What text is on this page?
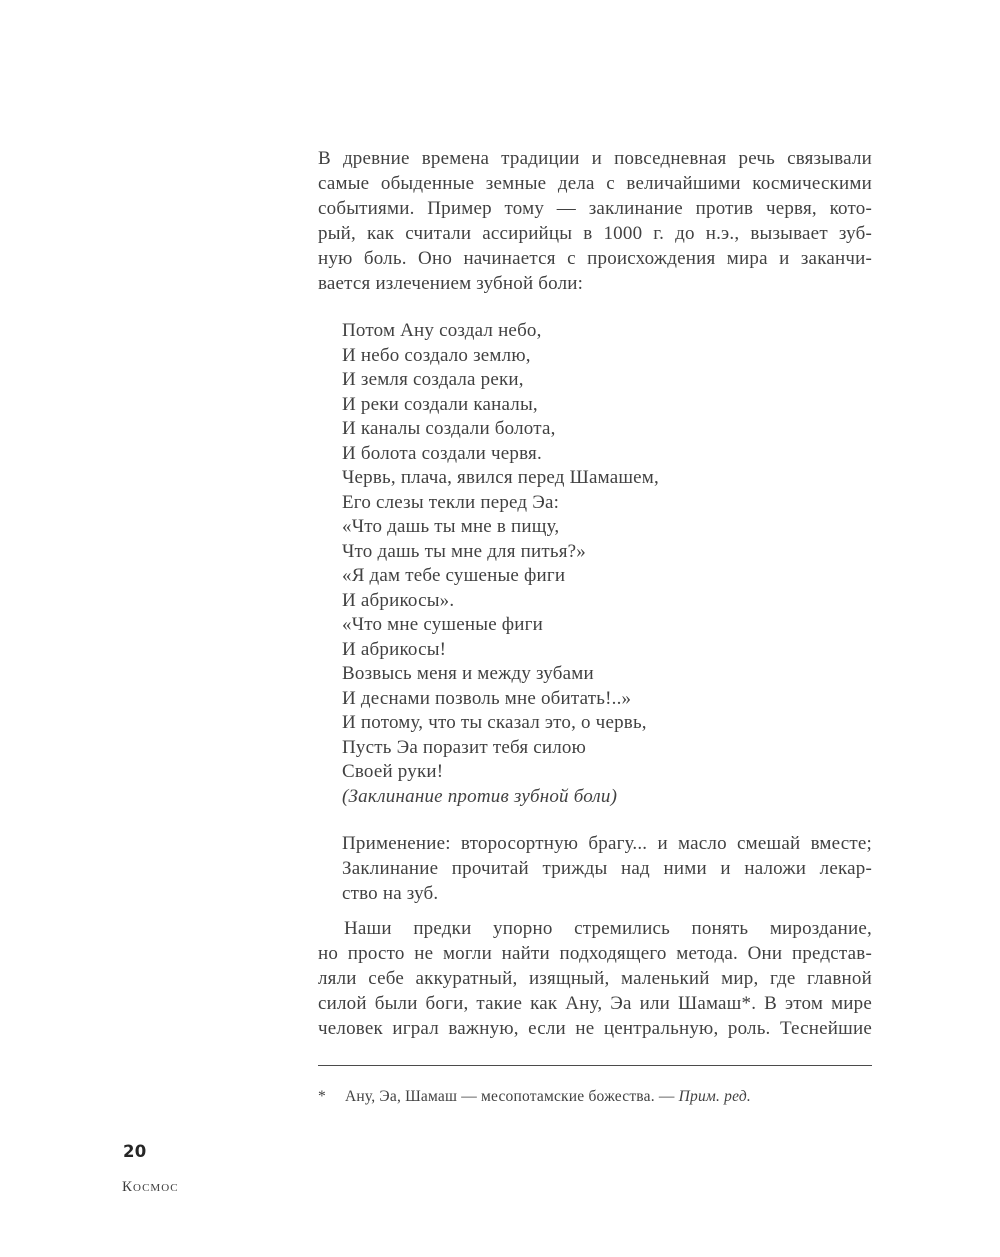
В древние времена традиции и повседневная речь связывали
самые обыденные земные дела с величайшими космическими
событиями. Пример тому — заклинание против червя, кото-
рый, как считали ассирийцы в 1000 г. до н.э., вызывает зуб-
ную боль. Оно начинается с происхождения мира и заканчи-
вается излечением зубной боли:
Потом Ану создал небо,
И небо создало землю,
И земля создала реки,
И реки создали каналы,
И каналы создали болота,
И болота создали червя.
Червь, плача, явился перед Шамашем,
Его слезы текли перед Эа:
«Что дашь ты мне в пищу,
Что дашь ты мне для питья?»
«Я дам тебе сушеные фиги
И абрикосы».
«Что мне сушеные фиги
И абрикосы!
Возвысь меня и между зубами
И деснами позволь мне обитать!..»
И потому, что ты сказал это, о червь,
Пусть Эа поразит тебя силою
Своей руки!
(Заклинание против зубной боли)
Применение: второсортную брагу... и масло смешай вместе;
Заклинание прочитай трижды над ними и наложи лекар-
ство на зуб.
Наши предки упорно стремились понять мироздание,
но просто не могли найти подходящего метода. Они представ-
ляли себе аккуратный, изящный, маленький мир, где главной
силой были боги, такие как Ану, Эа или Шамаш*. В этом мире
человек играл важную, если не центральную, роль. Теснейшие
*	Ану, Эа, Шамаш — месопотамские божества. — Прим. ред.
20
Космос
